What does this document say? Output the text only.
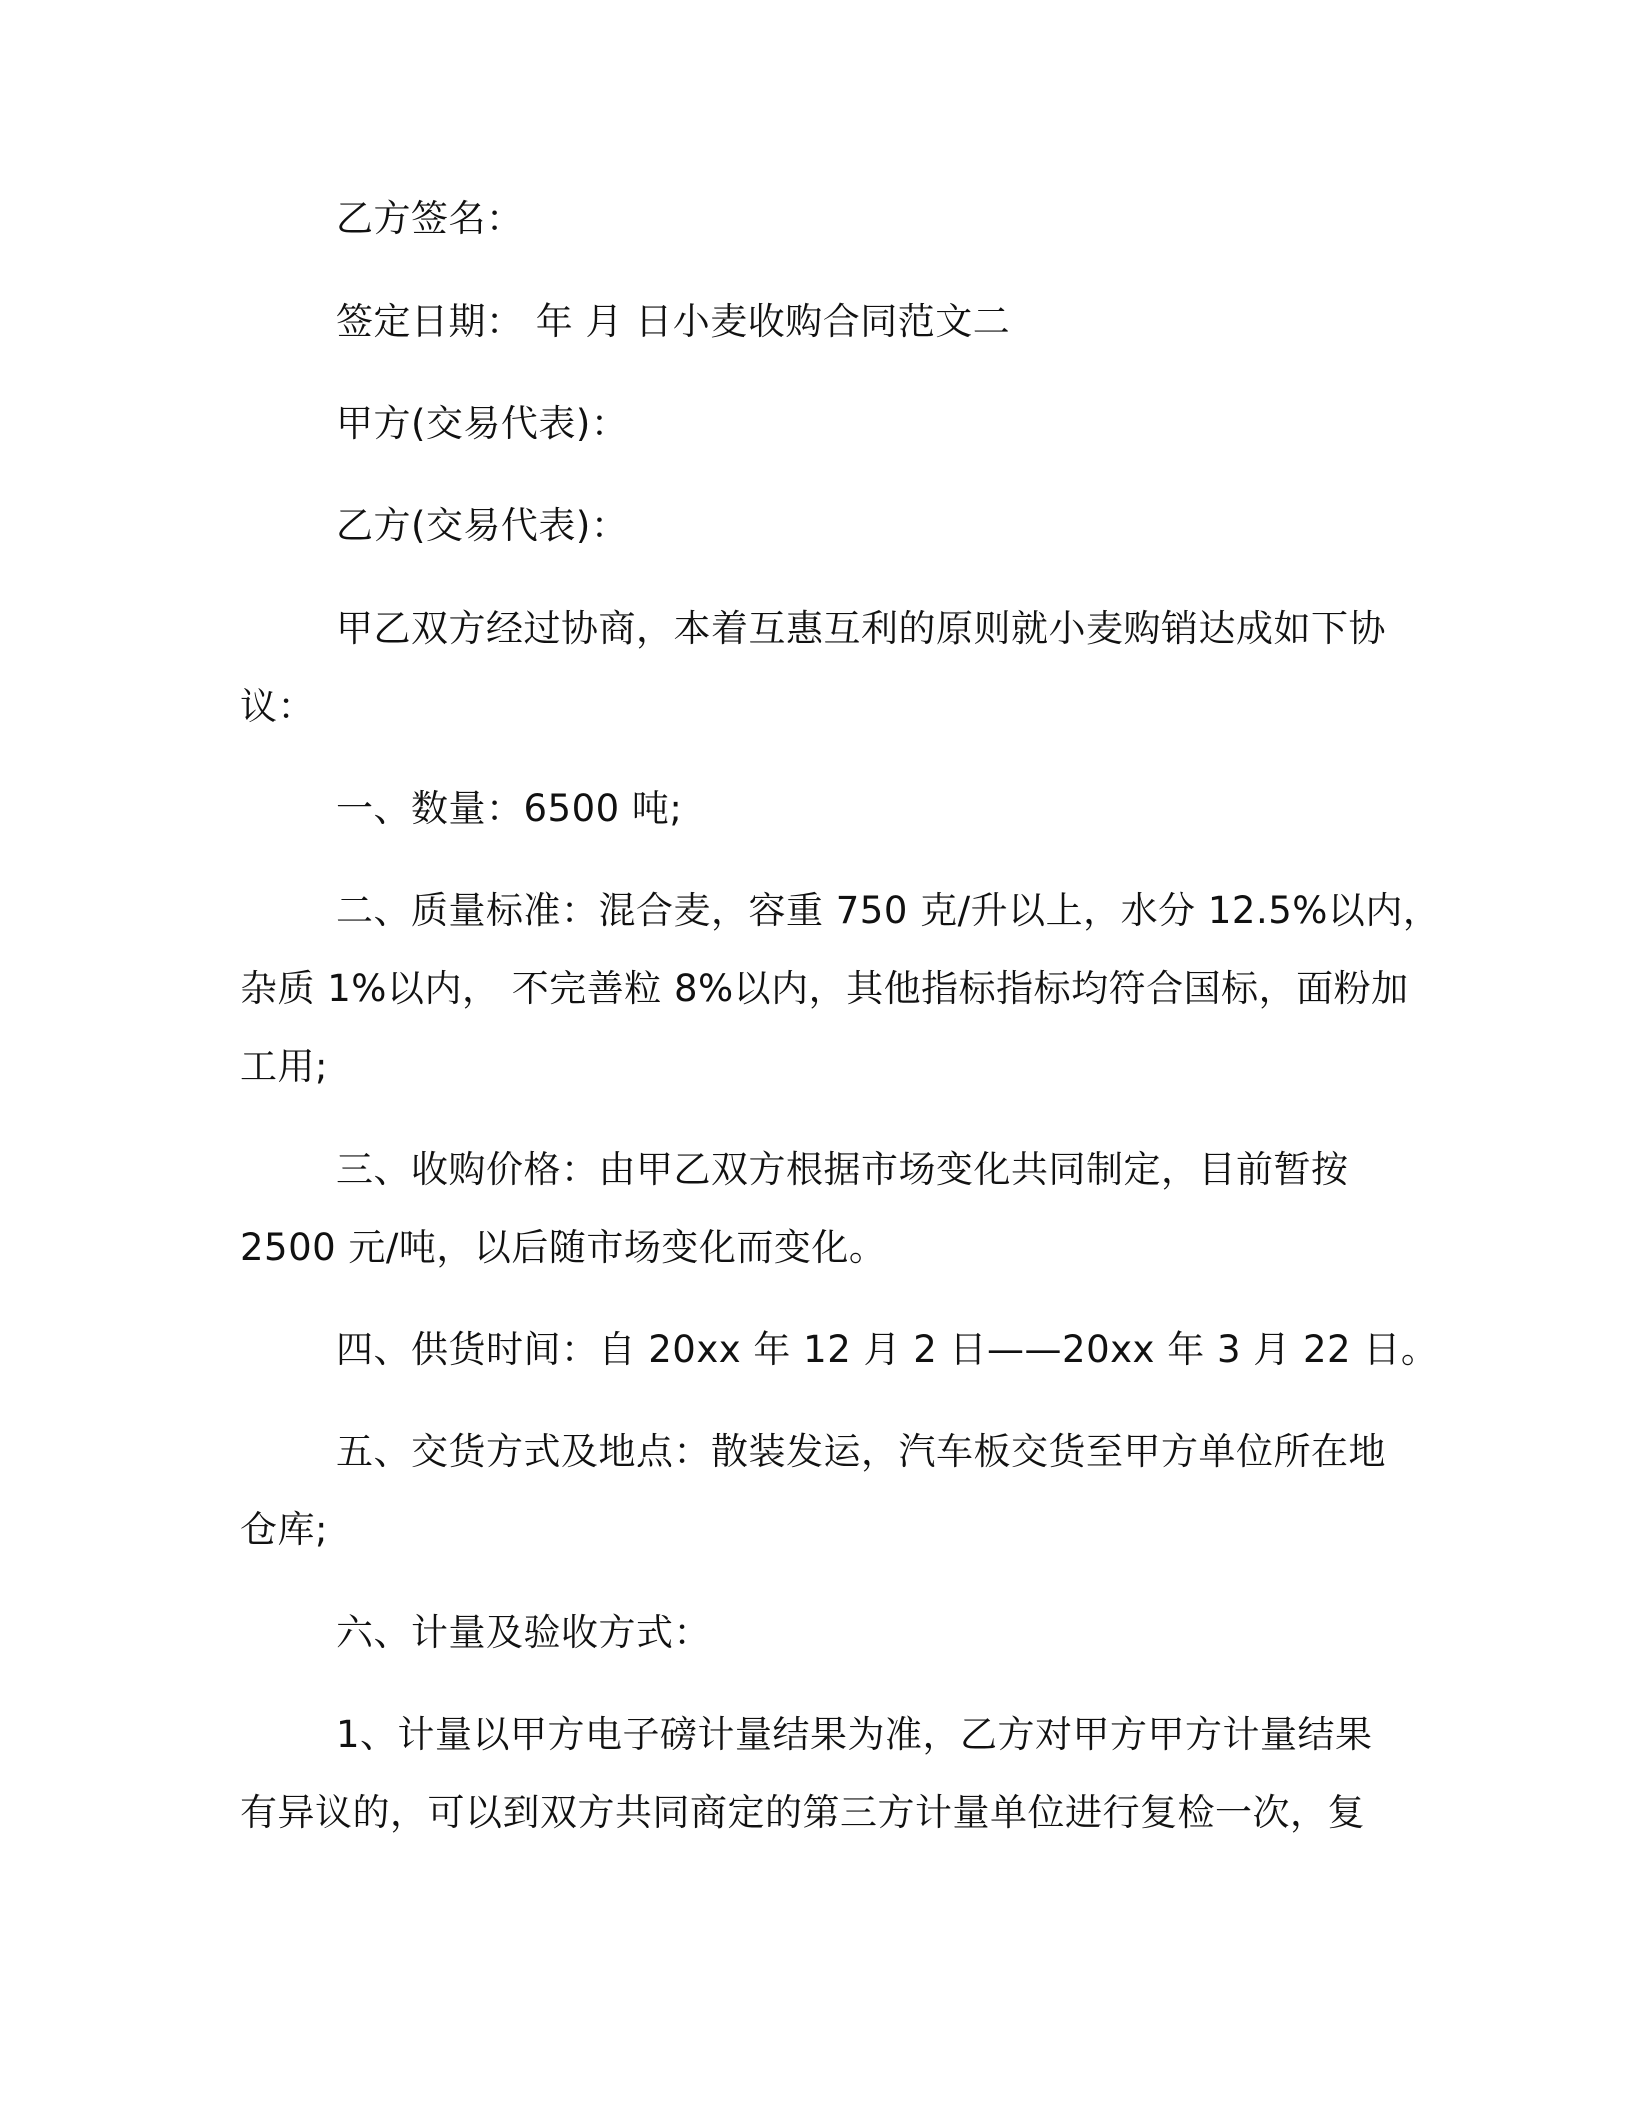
乙方签名：
签定日期： 年 月 日小麦收购合同范文二
甲方(交易代表)：
乙方(交易代表)：
甲乙双方经过协商，本着互惠互利的原则就小麦购销达成如下协
议：
一、数量：6500 吨;
二、质量标准：混合麦，容重 750 克/升以上，水分 12.5%以内，
杂质 1%以内， 不完善粒 8%以内，其他指标指标均符合国标，面粉加
工用;
三、收购价格：由甲乙双方根据市场变化共同制定，目前暂按
2500 元/吨，以后随市场变化而变化。
四、供货时间：自 20xx 年 12 月 2 日——20xx 年 3 月 22 日。
五、交货方式及地点：散装发运，汽车板交货至甲方单位所在地
仓库;
六、计量及验收方式：
1、计量以甲方电子磅计量结果为准，乙方对甲方甲方计量结果
有异议的，可以到双方共同商定的第三方计量单位进行复检一次，复
